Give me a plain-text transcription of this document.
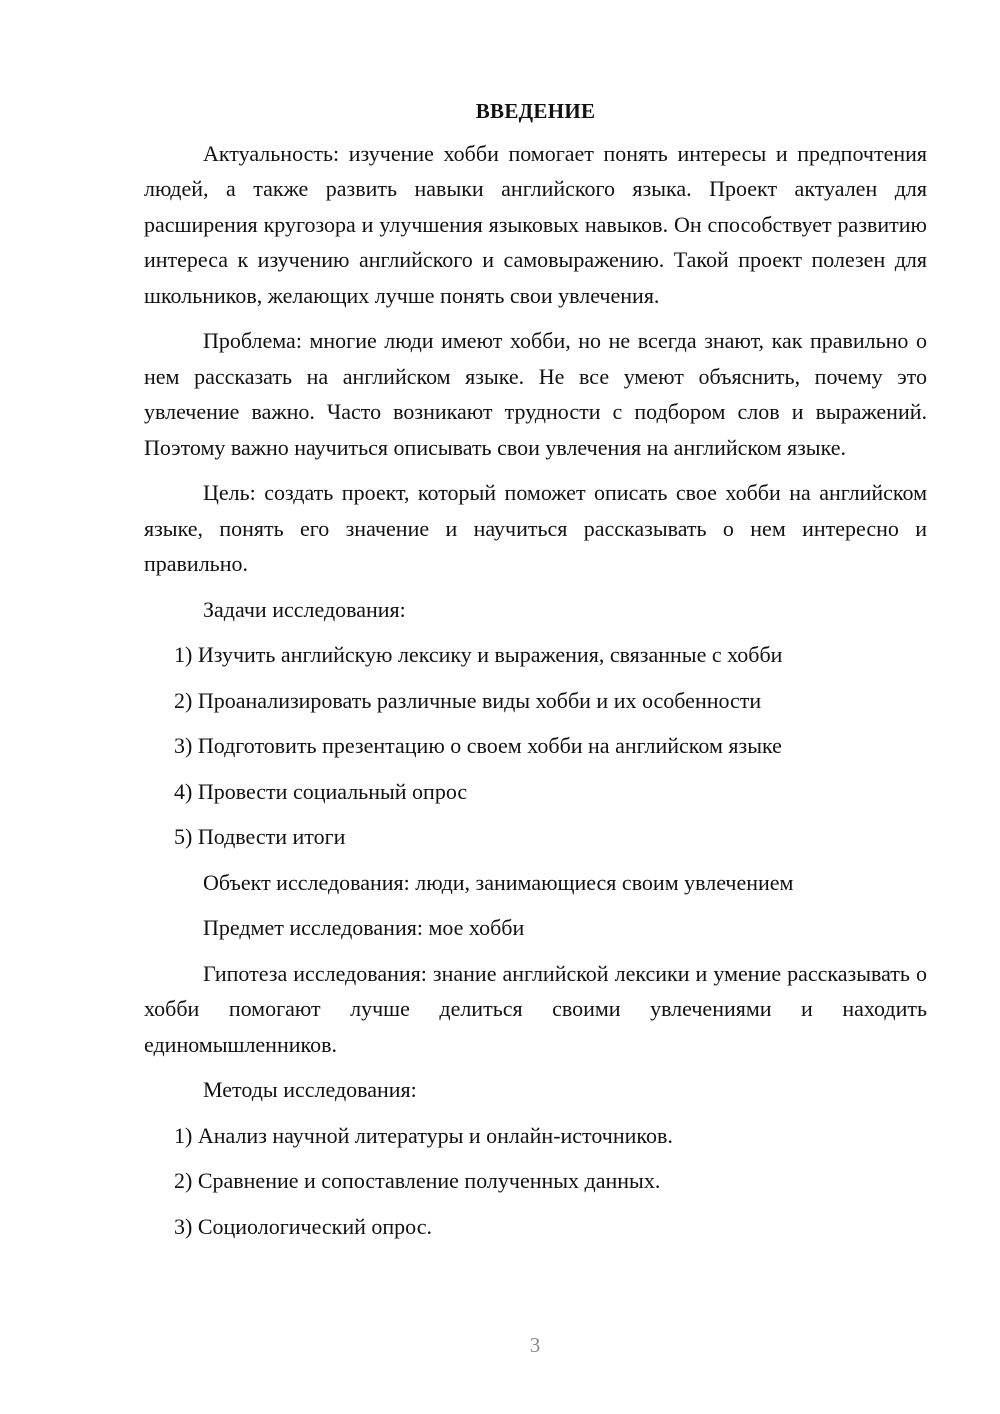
ВВЕДЕНИЕ

Актуальность: изучение хобби помогает понять интересы и предпочтения людей, а также развить навыки английского языка. Проект актуален для расширения кругозора и улучшения языковых навыков. Он способствует развитию интереса к изучению английского и самовыражению. Такой проект полезен для школьников, желающих лучше понять свои увлечения.

Проблема: многие люди имеют хобби, но не всегда знают, как правильно о нем рассказать на английском языке. Не все умеют объяснить, почему это увлечение важно. Часто возникают трудности с подбором слов и выражений. Поэтому важно научиться описывать свои увлечения на английском языке.

Цель: создать проект, который поможет описать свое хобби на английском языке, понять его значение и научиться рассказывать о нем интересно и правильно.

Задачи исследования:
1) Изучить английскую лексику и выражения, связанные с хобби
2) Проанализировать различные виды хобби и их особенности
3) Подготовить презентацию о своем хобби на английском языке
4) Провести социальный опрос
5) Подвести итоги
Объект исследования: люди, занимающиеся своим увлечением
Предмет исследования: мое хобби

Гипотеза исследования: знание английской лексики и умение рассказывать о хобби помогают лучше делиться своими увлечениями и находить единомышленников.

Методы исследования:
1) Анализ научной литературы и онлайн-источников.
2) Сравнение и сопоставление полученных данных.
3) Социологический опрос.
3
